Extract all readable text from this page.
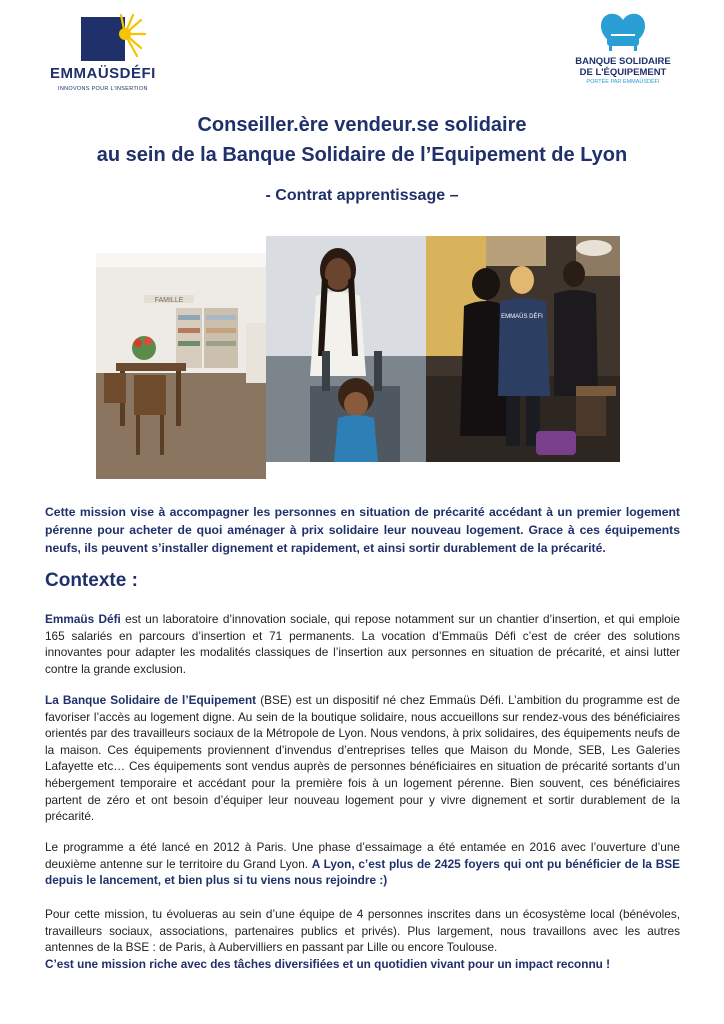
EMMAÜSDÉFI
INNOVONS POUR L'INSERTION
BANQUE SOLIDAIRE
DE L'ÉQUIPEMENT
PORTÉE PAR EMMAÜSDÉFI
Conseiller.ère vendeur.se solidaire
au sein de la Banque Solidaire de l’Equipement de Lyon
- Contrat apprentissage –
FAMILLE
EMMAÜS DÉFI
Cette mission vise à accompagner les personnes en situation de précarité accédant à un premier logement pérenne pour acheter de quoi aménager à prix solidaire leur nouveau logement. Grace à ces équipements neufs, ils peuvent s’installer dignement et rapidement, et ainsi sortir durablement de la précarité.
Contexte :
Emmaüs Défi est un laboratoire d’innovation sociale, qui repose notamment sur un chantier d’insertion, et qui emploie 165 salariés en parcours d’insertion et 71 permanents. La vocation d’Emmaüs Défi c’est de créer des solutions innovantes pour adapter les modalités classiques de l’insertion aux personnes en situation de précarité, et ainsi lutter contre la grande exclusion.
La Banque Solidaire de l’Equipement (BSE) est un dispositif né chez Emmaüs Défi. L’ambition du programme est de favoriser l’accès au logement digne. Au sein de la boutique solidaire, nous accueillons sur rendez-vous des bénéficiaires orientés par des travailleurs sociaux de la Métropole de Lyon. Nous vendons, à prix solidaires, des équipements neufs de la maison. Ces équipements proviennent d’invendus d’entreprises telles que Maison du Monde, SEB, Les Galeries Lafayette etc… Ces équipements sont vendus auprès de personnes bénéficiaires en situation de précarité sortants d’un hébergement temporaire et accédant pour la première fois à un logement pérenne. Bien souvent, ces bénéficiaires partent de zéro et ont besoin d’équiper leur nouveau logement pour y vivre dignement et sortir durablement de la précarité.
Le programme a été lancé en 2012 à Paris. Une phase d’essaimage a été entamée en 2016 avec l’ouverture d’une deuxième antenne sur le territoire du Grand Lyon. A Lyon, c’est plus de 2425 foyers qui ont pu bénéficier de la BSE depuis le lancement, et bien plus si tu viens nous rejoindre :)
Pour cette mission, tu évolueras au sein d’une équipe de 4 personnes inscrites dans un écosystème local (bénévoles, travailleurs sociaux, associations, partenaires publics et privés). Plus largement, nous travaillons avec les autres antennes de la BSE : de Paris, à Aubervilliers en passant par Lille ou encore Toulouse.
C’est une mission riche avec des tâches diversifiées et un quotidien vivant pour un impact reconnu !
